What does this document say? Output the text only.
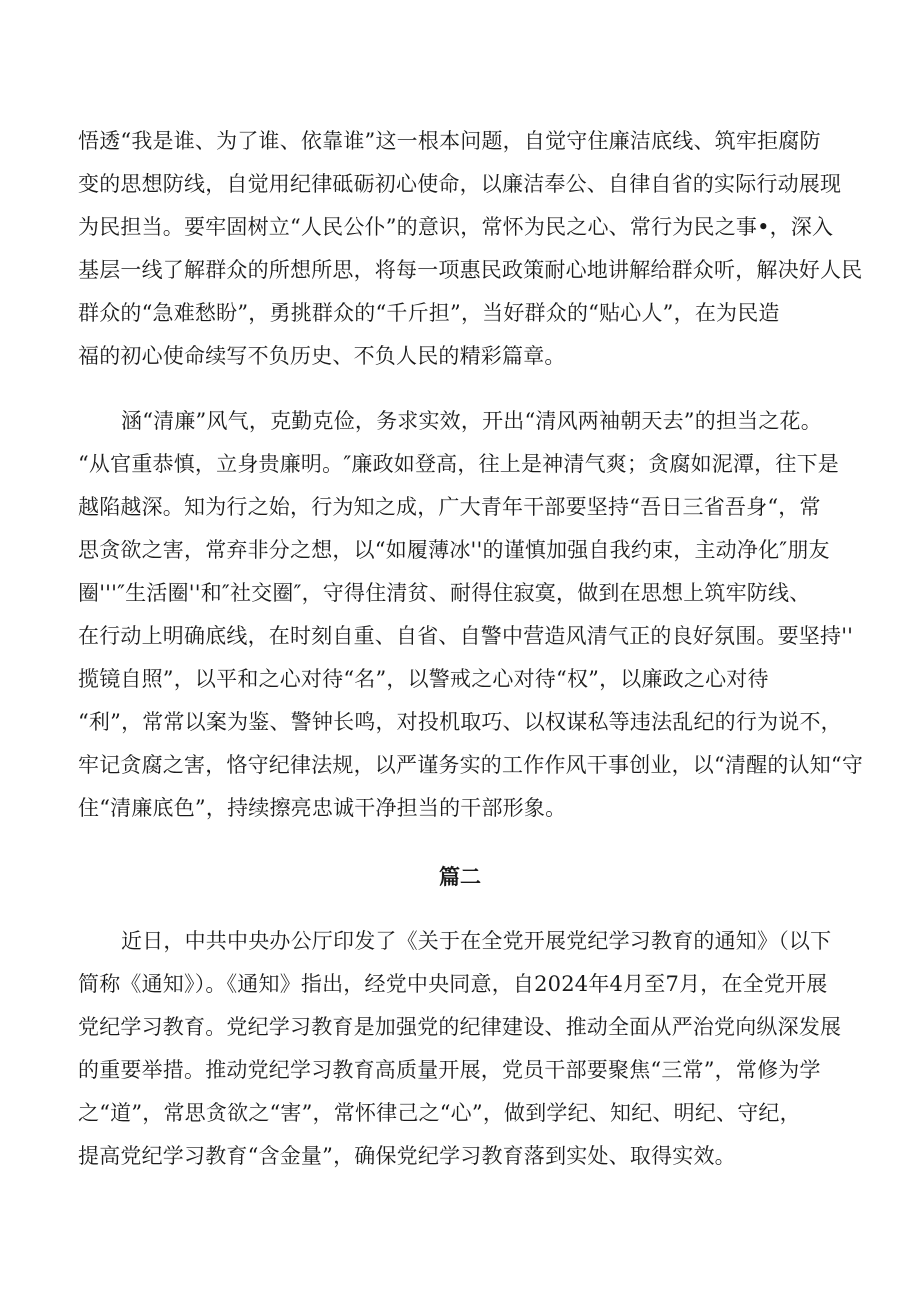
悟透“我是谁、为了谁、依靠谁”这一根本问题，自觉守住廉洁底线、筑牢拒腐防
变的思想防线，自觉用纪律砥砺初心使命，以廉洁奉公、自律自省的实际行动展现
为民担当。要牢固树立“人民公仆”的意识，常怀为民之心、常行为民之事•，深入
基层一线了解群众的所想所思，将每一项惠民政策耐心地讲解给群众听，解决好人民
群众的“急难愁盼”，勇挑群众的“千斤担”，当好群众的“贴心人”，在为民造
福的初心使命续写不负历史、不负人民的精彩篇章。
涵“清廉”风气，克勤克俭，务求实效，开出“清风两袖朝天去”的担当之花。
“从官重恭慎，立身贵廉明。″廉政如登高，往上是神清气爽；贪腐如泥潭，往下是
越陷越深。知为行之始，行为知之成，广大青年干部要坚持“吾日三省吾身“，常
思贪欲之害，常弃非分之想，以“如履薄冰''的谨慎加强自我约束，主动净化″朋友
圈'''″生活圈''和″社交圈″，守得住清贫、耐得住寂寞，做到在思想上筑牢防线、
在行动上明确底线，在时刻自重、自省、自警中营造风清气正的良好氛围。要坚持''
揽镜自照”，以平和之心对待“名”，以警戒之心对待“权”，以廉政之心对待
“利”，常常以案为鉴、警钟长鸣，对投机取巧、以权谋私等违法乱纪的行为说不，
牢记贪腐之害，恪守纪律法规，以严谨务实的工作作风干事创业，以“清醒的认知“守
住“清廉底色”，持续擦亮忠诚干净担当的干部形象。
篇二
近日，中共中央办公厅印发了《关于在全党开展党纪学习教育的通知》（以下
简称《通知》）。《通知》指出，经党中央同意，自2024年4月至7月，在全党开展
党纪学习教育。党纪学习教育是加强党的纪律建设、推动全面从严治党向纵深发展
的重要举措。推动党纪学习教育高质量开展，党员干部要聚焦“三常”，常修为学
之“道”，常思贪欲之“害”，常怀律己之“心”，做到学纪、知纪、明纪、守纪，
提高党纪学习教育“含金量”，确保党纪学习教育落到实处、取得实效。
